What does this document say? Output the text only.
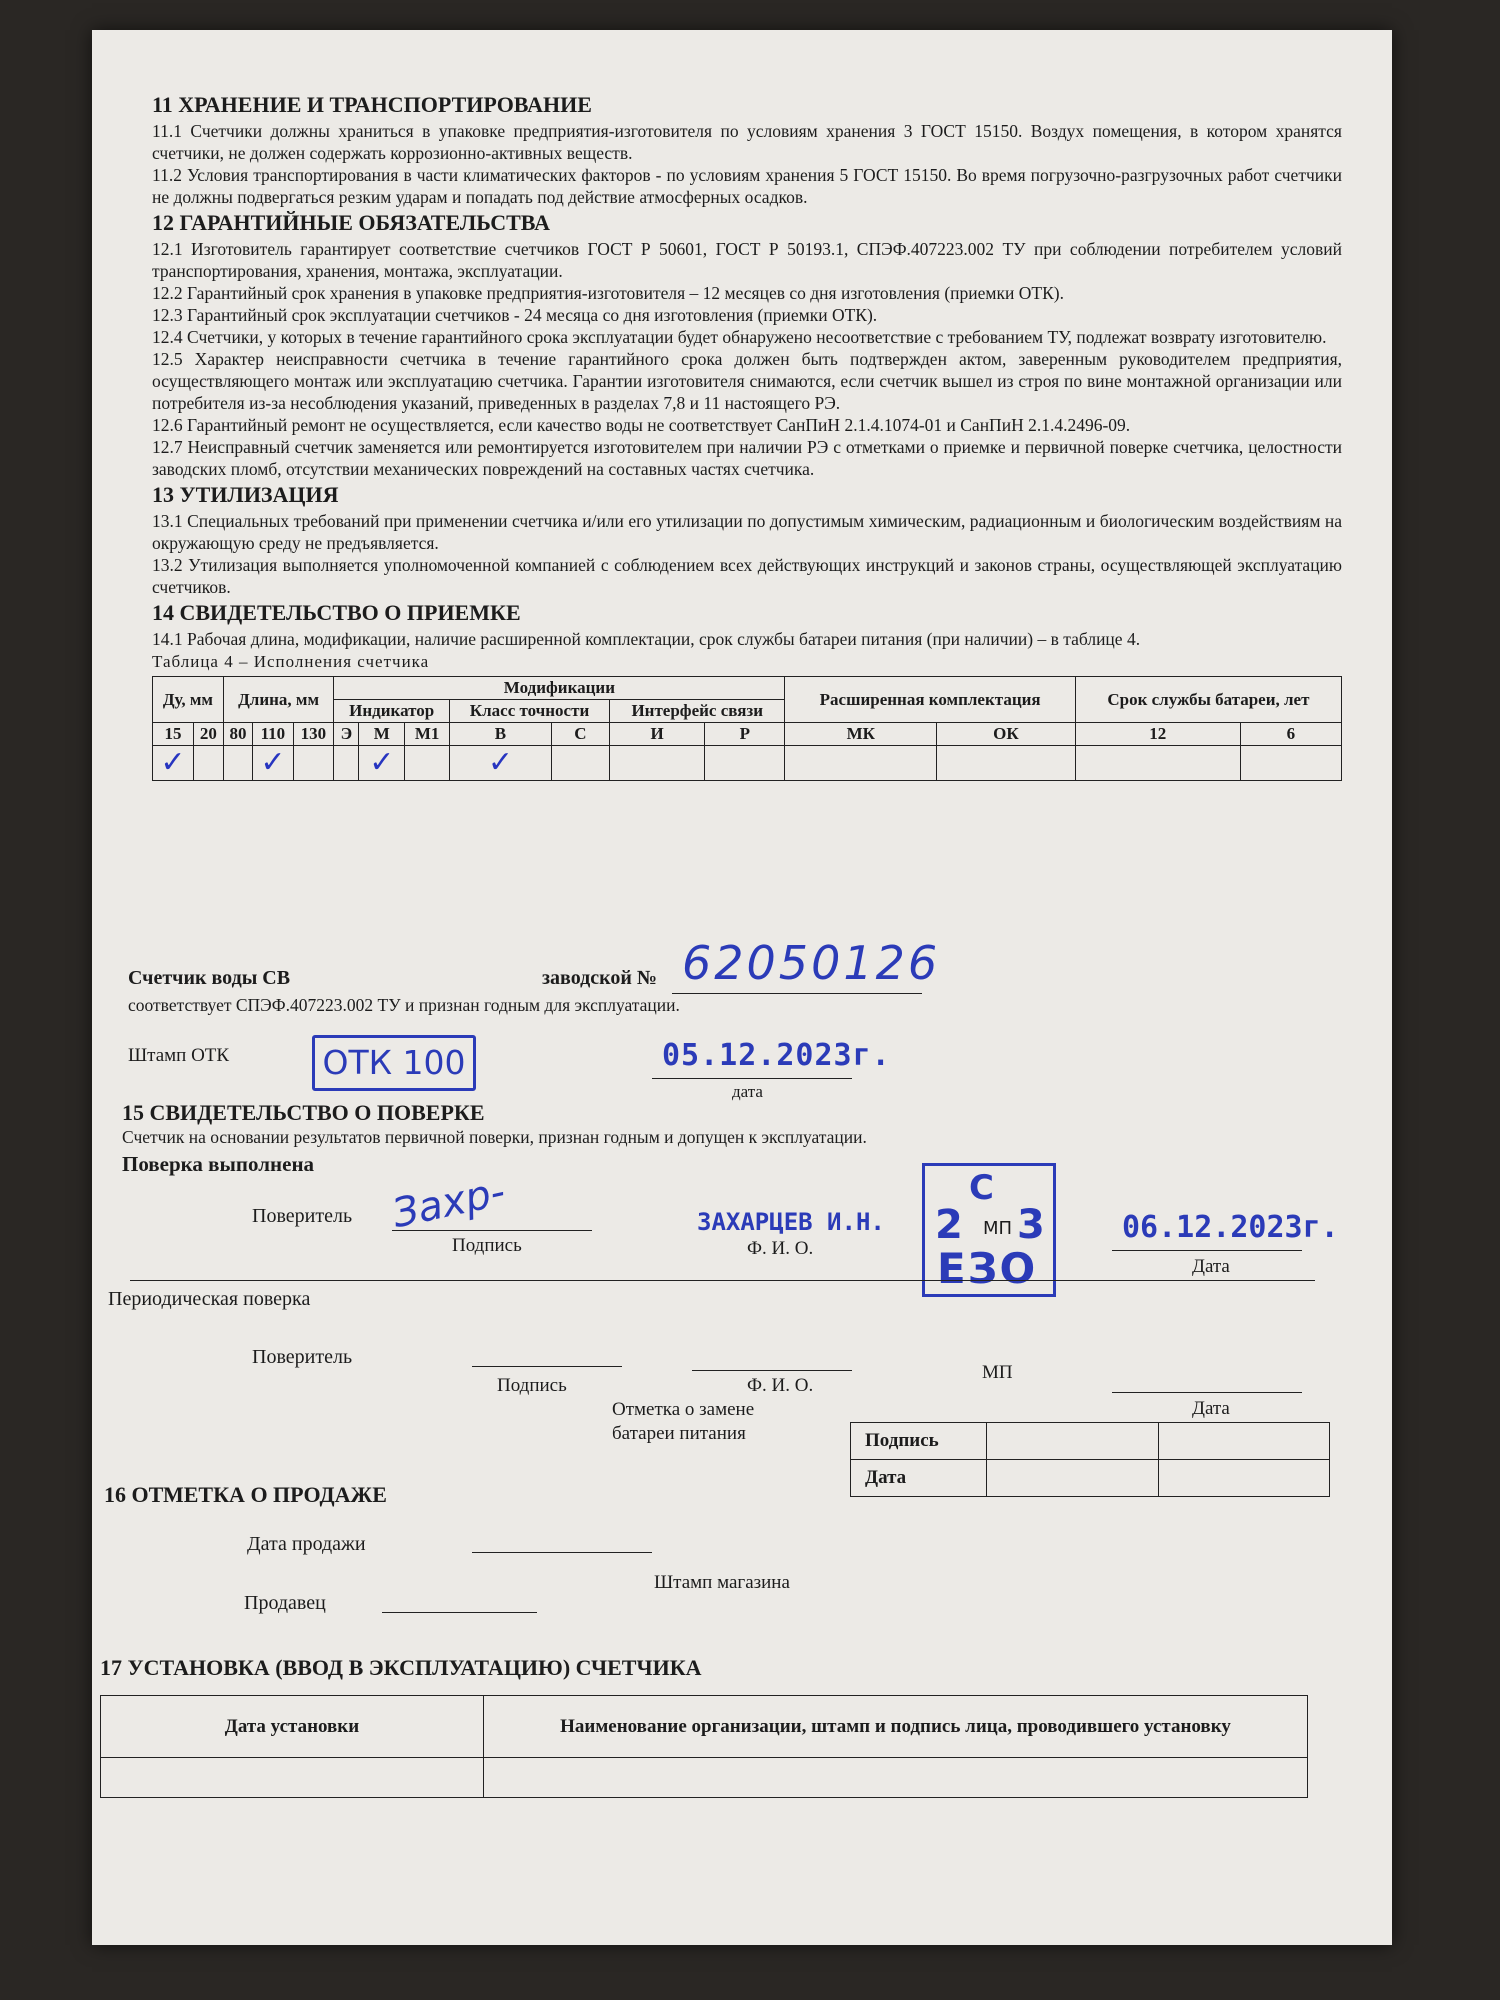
11 ХРАНЕНИЕ И ТРАНСПОРТИРОВАНИЕ

11.1 Счетчики должны храниться в упаковке предприятия-изготовителя по условиям хранения 3 ГОСТ 15150. Воздух помещения, в котором хранятся счетчики, не должен содержать коррозионно-активных веществ.

11.2 Условия транспортирования в части климатических факторов - по условиям хранения 5 ГОСТ 15150. Во время погрузочно-разгрузочных работ счетчики не должны подвергаться резким ударам и попадать под действие атмосферных осадков.

12 ГАРАНТИЙНЫЕ ОБЯЗАТЕЛЬСТВА

12.1 Изготовитель гарантирует соответствие счетчиков ГОСТ Р 50601, ГОСТ Р 50193.1, СПЭФ.407223.002 ТУ при соблюдении потребителем условий транспортирования, хранения, монтажа, эксплуатации.

12.2 Гарантийный срок хранения в упаковке предприятия-изготовителя – 12 месяцев со дня изготовления (приемки ОТК).

12.3 Гарантийный срок эксплуатации счетчиков - 24 месяца со дня изготовления (приемки ОТК).

12.4 Счетчики, у которых в течение гарантийного срока эксплуатации будет обнаружено несоответствие с требованием ТУ, подлежат возврату изготовителю.

12.5 Характер неисправности счетчика в течение гарантийного срока должен быть подтвержден актом, заверенным руководителем предприятия, осуществляющего монтаж или эксплуатацию счетчика. Гарантии изготовителя снимаются, если счетчик вышел из строя по вине монтажной организации или потребителя из-за несоблюдения указаний, приведенных в разделах 7,8 и 11 настоящего РЭ.

12.6 Гарантийный ремонт не осуществляется, если качество воды не соответствует СанПиН 2.1.4.1074-01 и СанПиН 2.1.4.2496-09.

12.7 Неисправный счетчик заменяется или ремонтируется изготовителем при наличии РЭ с отметками о приемке и первичной поверке счетчика, целостности заводских пломб, отсутствии механических повреждений на составных частях счетчика.

13 УТИЛИЗАЦИЯ

13.1 Специальных требований при применении счетчика и/или его утилизации по допустимым химическим, радиационным и биологическим воздействиям на окружающую среду не предъявляется.

13.2 Утилизация выполняется уполномоченной компанией с соблюдением всех действующих инструкций и законов страны, осуществляющей эксплуатацию счетчиков.

14 СВИДЕТЕЛЬСТВО О ПРИЕМКЕ

14.1 Рабочая длина, модификации, наличие расширенной комплектации, срок службы батареи питания (при наличии) – в таблице 4.

Таблица 4 – Исполнения счетчика
Ду, мм		Длина, мм			Модификации							Расширенная комплектация		Срок службы батареи, лет	
					Индикатор			Класс точности		Интерфейс связи					
15	20	80	110	130	Э	М	М1	В	С	И	Р	МК	ОК	12	6
✓			✓			✓		✓							
Счетчик воды СВ	заводской № 62050126
соответствует СПЭФ.407223.002 ТУ и признан годным для эксплуатации.
Штамп ОТК	ОТК 100	05.12.2023г.
дата
15 СВИДЕТЕЛЬСТВО О ПОВЕРКЕ
Счетчик на основании результатов первичной поверки, признан годным и допущен к эксплуатации.
Поверка выполнена
Поверитель Захр-
Подпись
ЗАХАРЦЕВ И.Н.
Ф. И. О.
С
2 МП 3
ЕЗО
06.12.2023г.
Дата
Периодическая поверка
Поверитель
Подпись	Ф. И. О.
МП
Дата
Отметка о замене батареи питания	Подпись		
Дата		
16 ОТМЕТКА О ПРОДАЖЕ
Дата продажи
Штамп магазина
Продавец
17 УСТАНОВКА (ВВОД В ЭКСПЛУАТАЦИЮ) СЧЕТЧИКА
Дата установки	Наименование организации, штамп и подпись лица, проводившего установку
